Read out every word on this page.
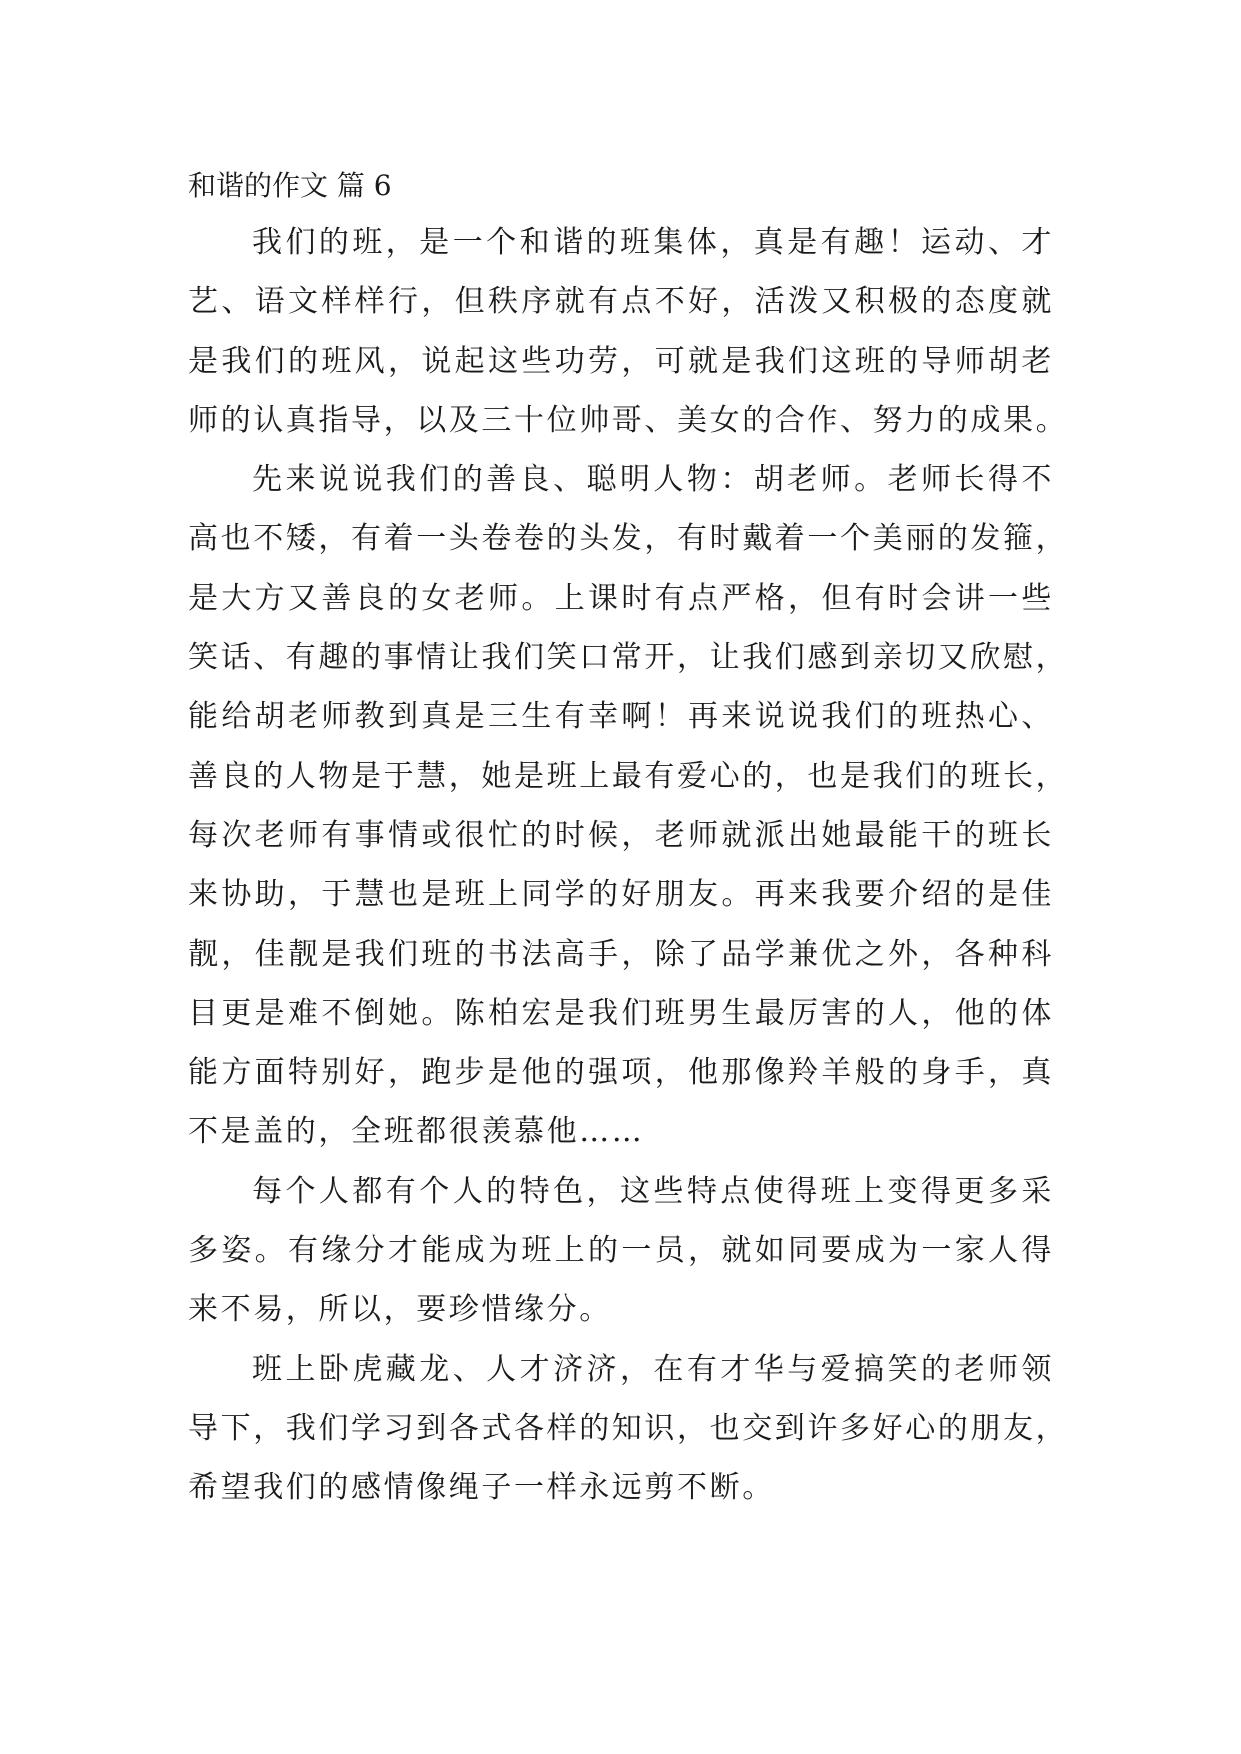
和谐的作文 篇 6
我们的班，是一个和谐的班集体，真是有趣！运动、才
艺、语文样样行，但秩序就有点不好，活泼又积极的态度就
是我们的班风，说起这些功劳，可就是我们这班的导师胡老
师的认真指导，以及三十位帅哥、美女的合作、努力的成果。
先来说说我们的善良、聪明人物：胡老师。老师长得不
高也不矮，有着一头卷卷的头发，有时戴着一个美丽的发箍，
是大方又善良的女老师。上课时有点严格，但有时会讲一些
笑话、有趣的事情让我们笑口常开，让我们感到亲切又欣慰，
能给胡老师教到真是三生有幸啊！再来说说我们的班热心、
善良的人物是于慧，她是班上最有爱心的，也是我们的班长，
每次老师有事情或很忙的时候，老师就派出她最能干的班长
来协助，于慧也是班上同学的好朋友。再来我要介绍的是佳
靓，佳靓是我们班的书法高手，除了品学兼优之外，各种科
目更是难不倒她。陈柏宏是我们班男生最厉害的人，他的体
能方面特别好，跑步是他的强项，他那像羚羊般的身手，真
不是盖的，全班都很羡慕他……
每个人都有个人的特色，这些特点使得班上变得更多采
多姿。有缘分才能成为班上的一员，就如同要成为一家人得
来不易，所以，要珍惜缘分。
班上卧虎藏龙、人才济济，在有才华与爱搞笑的老师领
导下，我们学习到各式各样的知识，也交到许多好心的朋友，
希望我们的感情像绳子一样永远剪不断。
